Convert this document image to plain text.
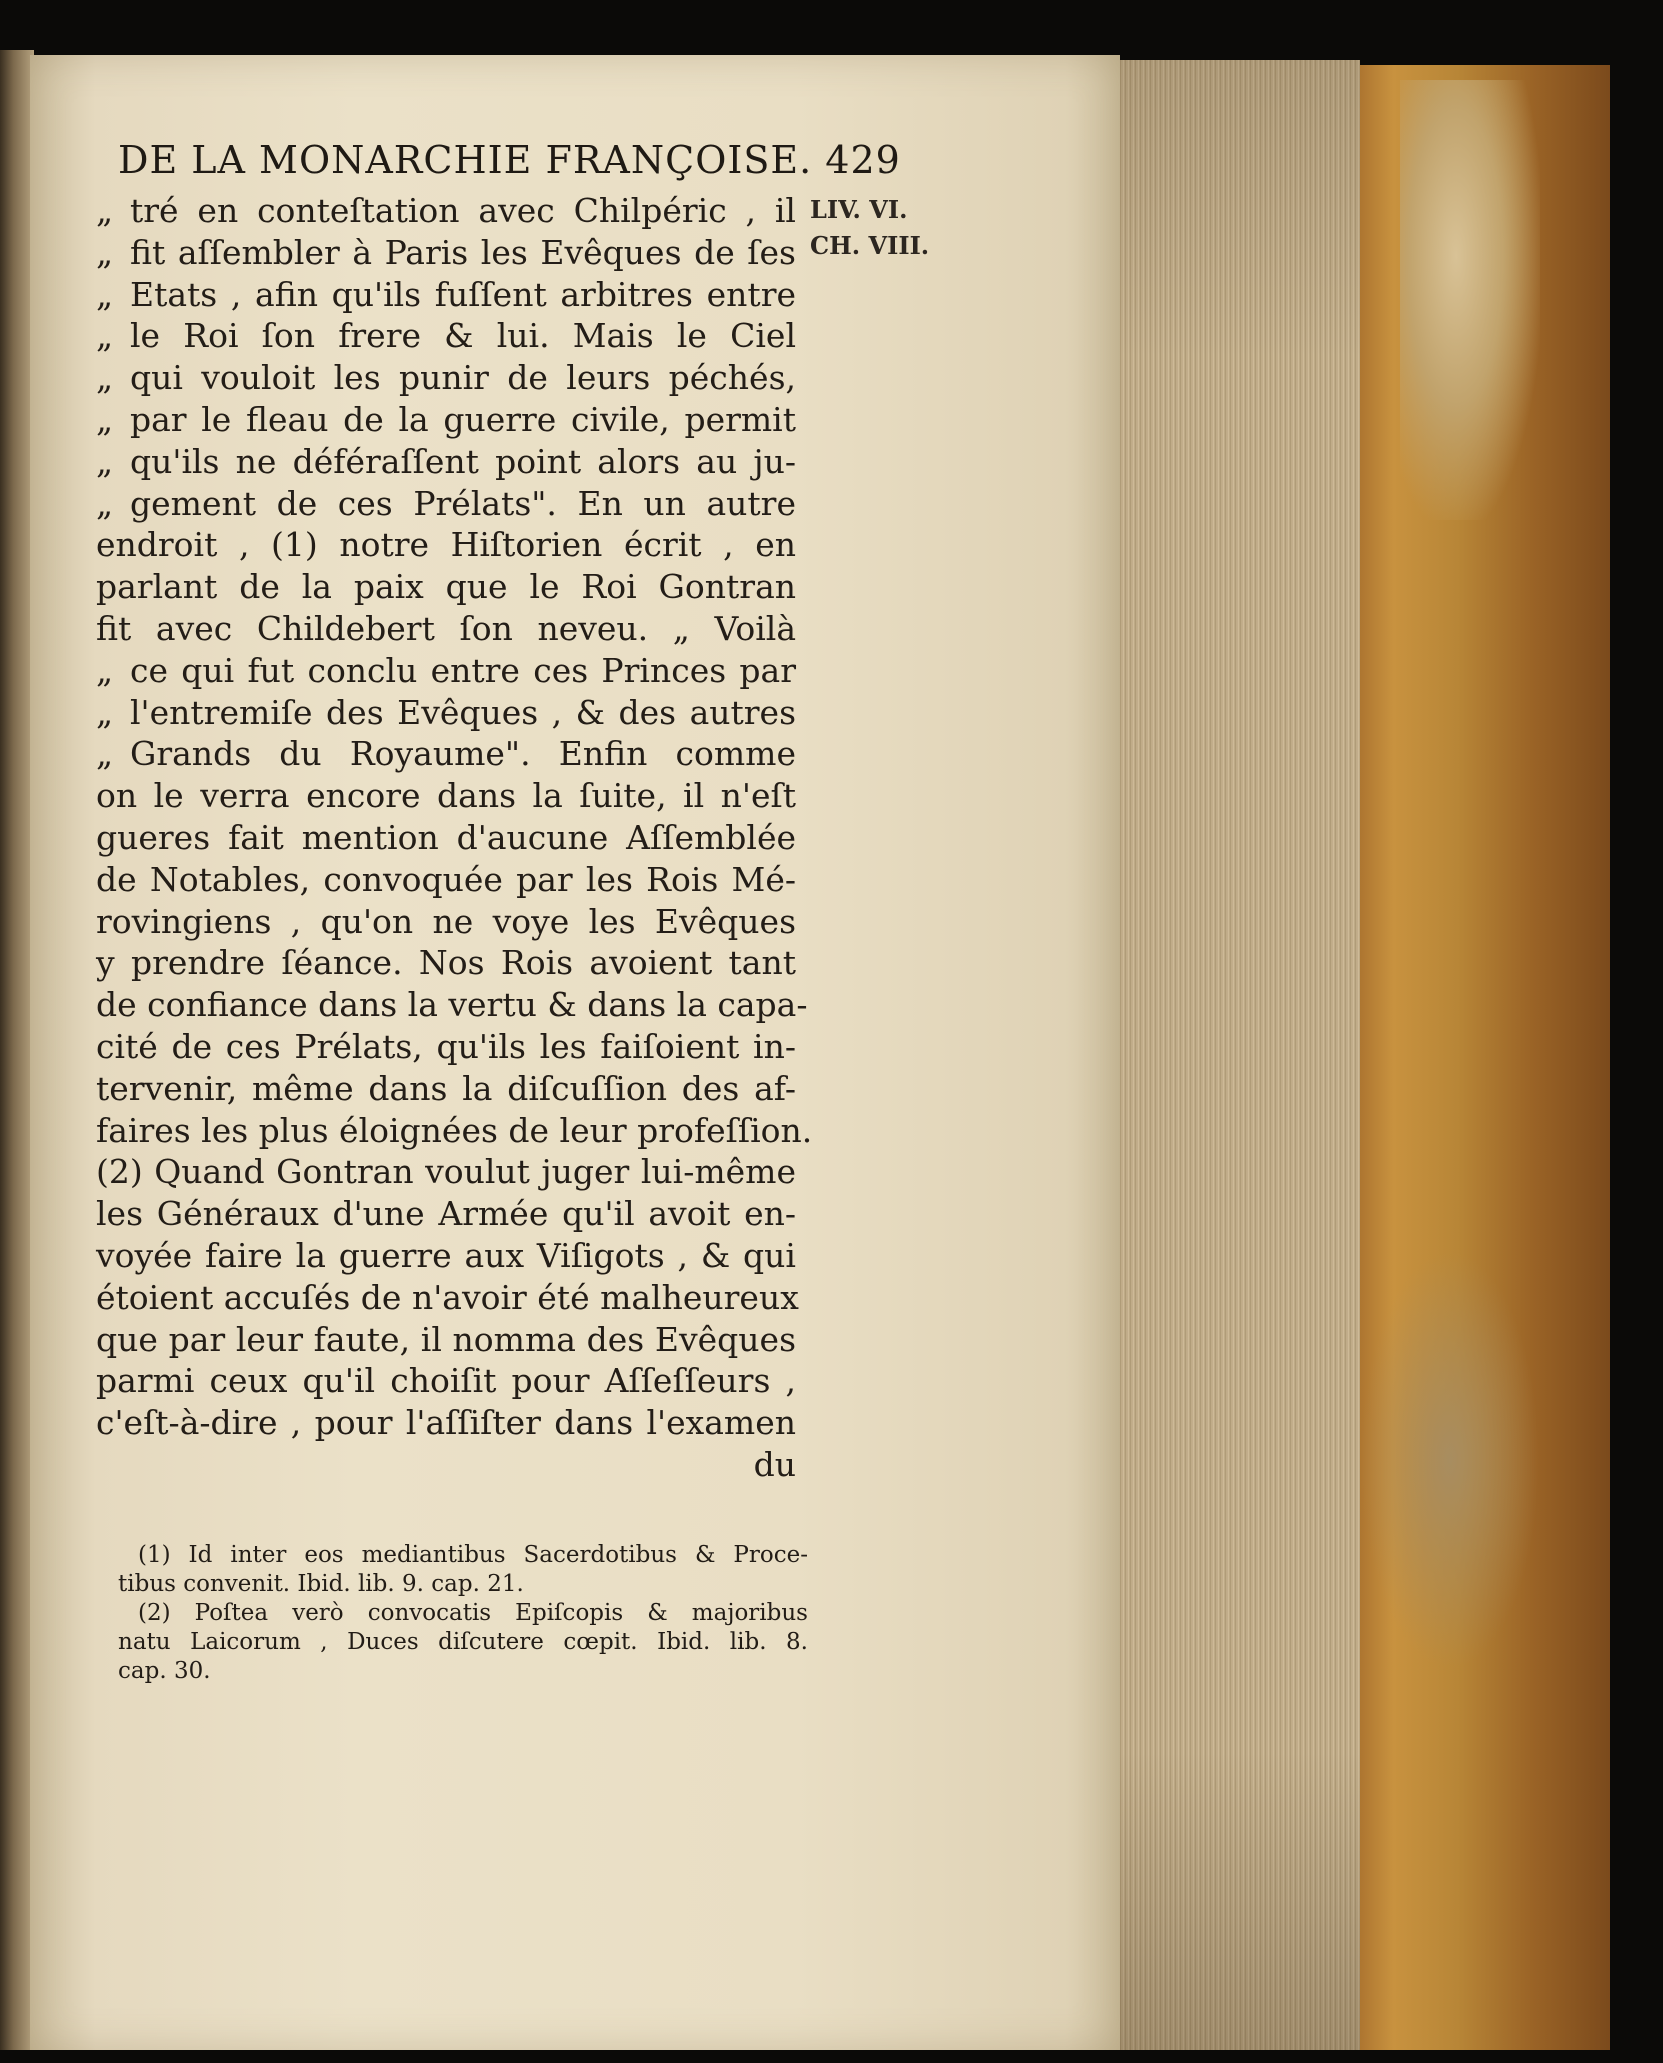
DE LA MONARCHIE FRANÇOISE. 429
LIV. VI.
CH. VIII.
„ tré en conteſtation avec Chilpéric , il
„ fit aſſembler à Paris les Evêques de ſes
„ Etats , afin qu'ils fuſſent arbitres entre
„ le Roi ſon frere & lui. Mais le Ciel
„ qui vouloit les punir de leurs péchés,
„ par le fleau de la guerre civile, permit
„ qu'ils ne déféraſſent point alors au ju-
„ gement de ces Prélats". En un autre
endroit , (1) notre Hiſtorien écrit , en
parlant de la paix que le Roi Gontran
fit avec Childebert ſon neveu. „ Voilà
„ ce qui fut conclu entre ces Princes par
„ l'entremiſe des Evêques , & des autres
„ Grands du Royaume". Enfin comme
on le verra encore dans la ſuite, il n'eſt
gueres fait mention d'aucune Aſſemblée
de Notables, convoquée par les Rois Mé-
rovingiens , qu'on ne voye les Evêques
y prendre ſéance. Nos Rois avoient tant
de confiance dans la vertu & dans la capa-
cité de ces Prélats, qu'ils les faiſoient in-
tervenir, même dans la diſcuſſion des af-
faires les plus éloignées de leur profeſſion.
(2) Quand Gontran voulut juger lui-même
les Généraux d'une Armée qu'il avoit en-
voyée faire la guerre aux Viſigots , & qui
étoient accuſés de n'avoir été malheureux
que par leur faute, il nomma des Evêques
parmi ceux qu'il choiſit pour Aſſeſſeurs ,
c'eſt-à-dire , pour l'aſſiſter dans l'examen
du
(1) Id inter eos mediantibus Sacerdotibus & Proce-
tibus convenit. Ibid. lib. 9. cap. 21.
(2) Poſtea verò convocatis Epiſcopis & majoribus
natu Laicorum , Duces diſcutere cœpit. Ibid. lib. 8.
cap. 30.
